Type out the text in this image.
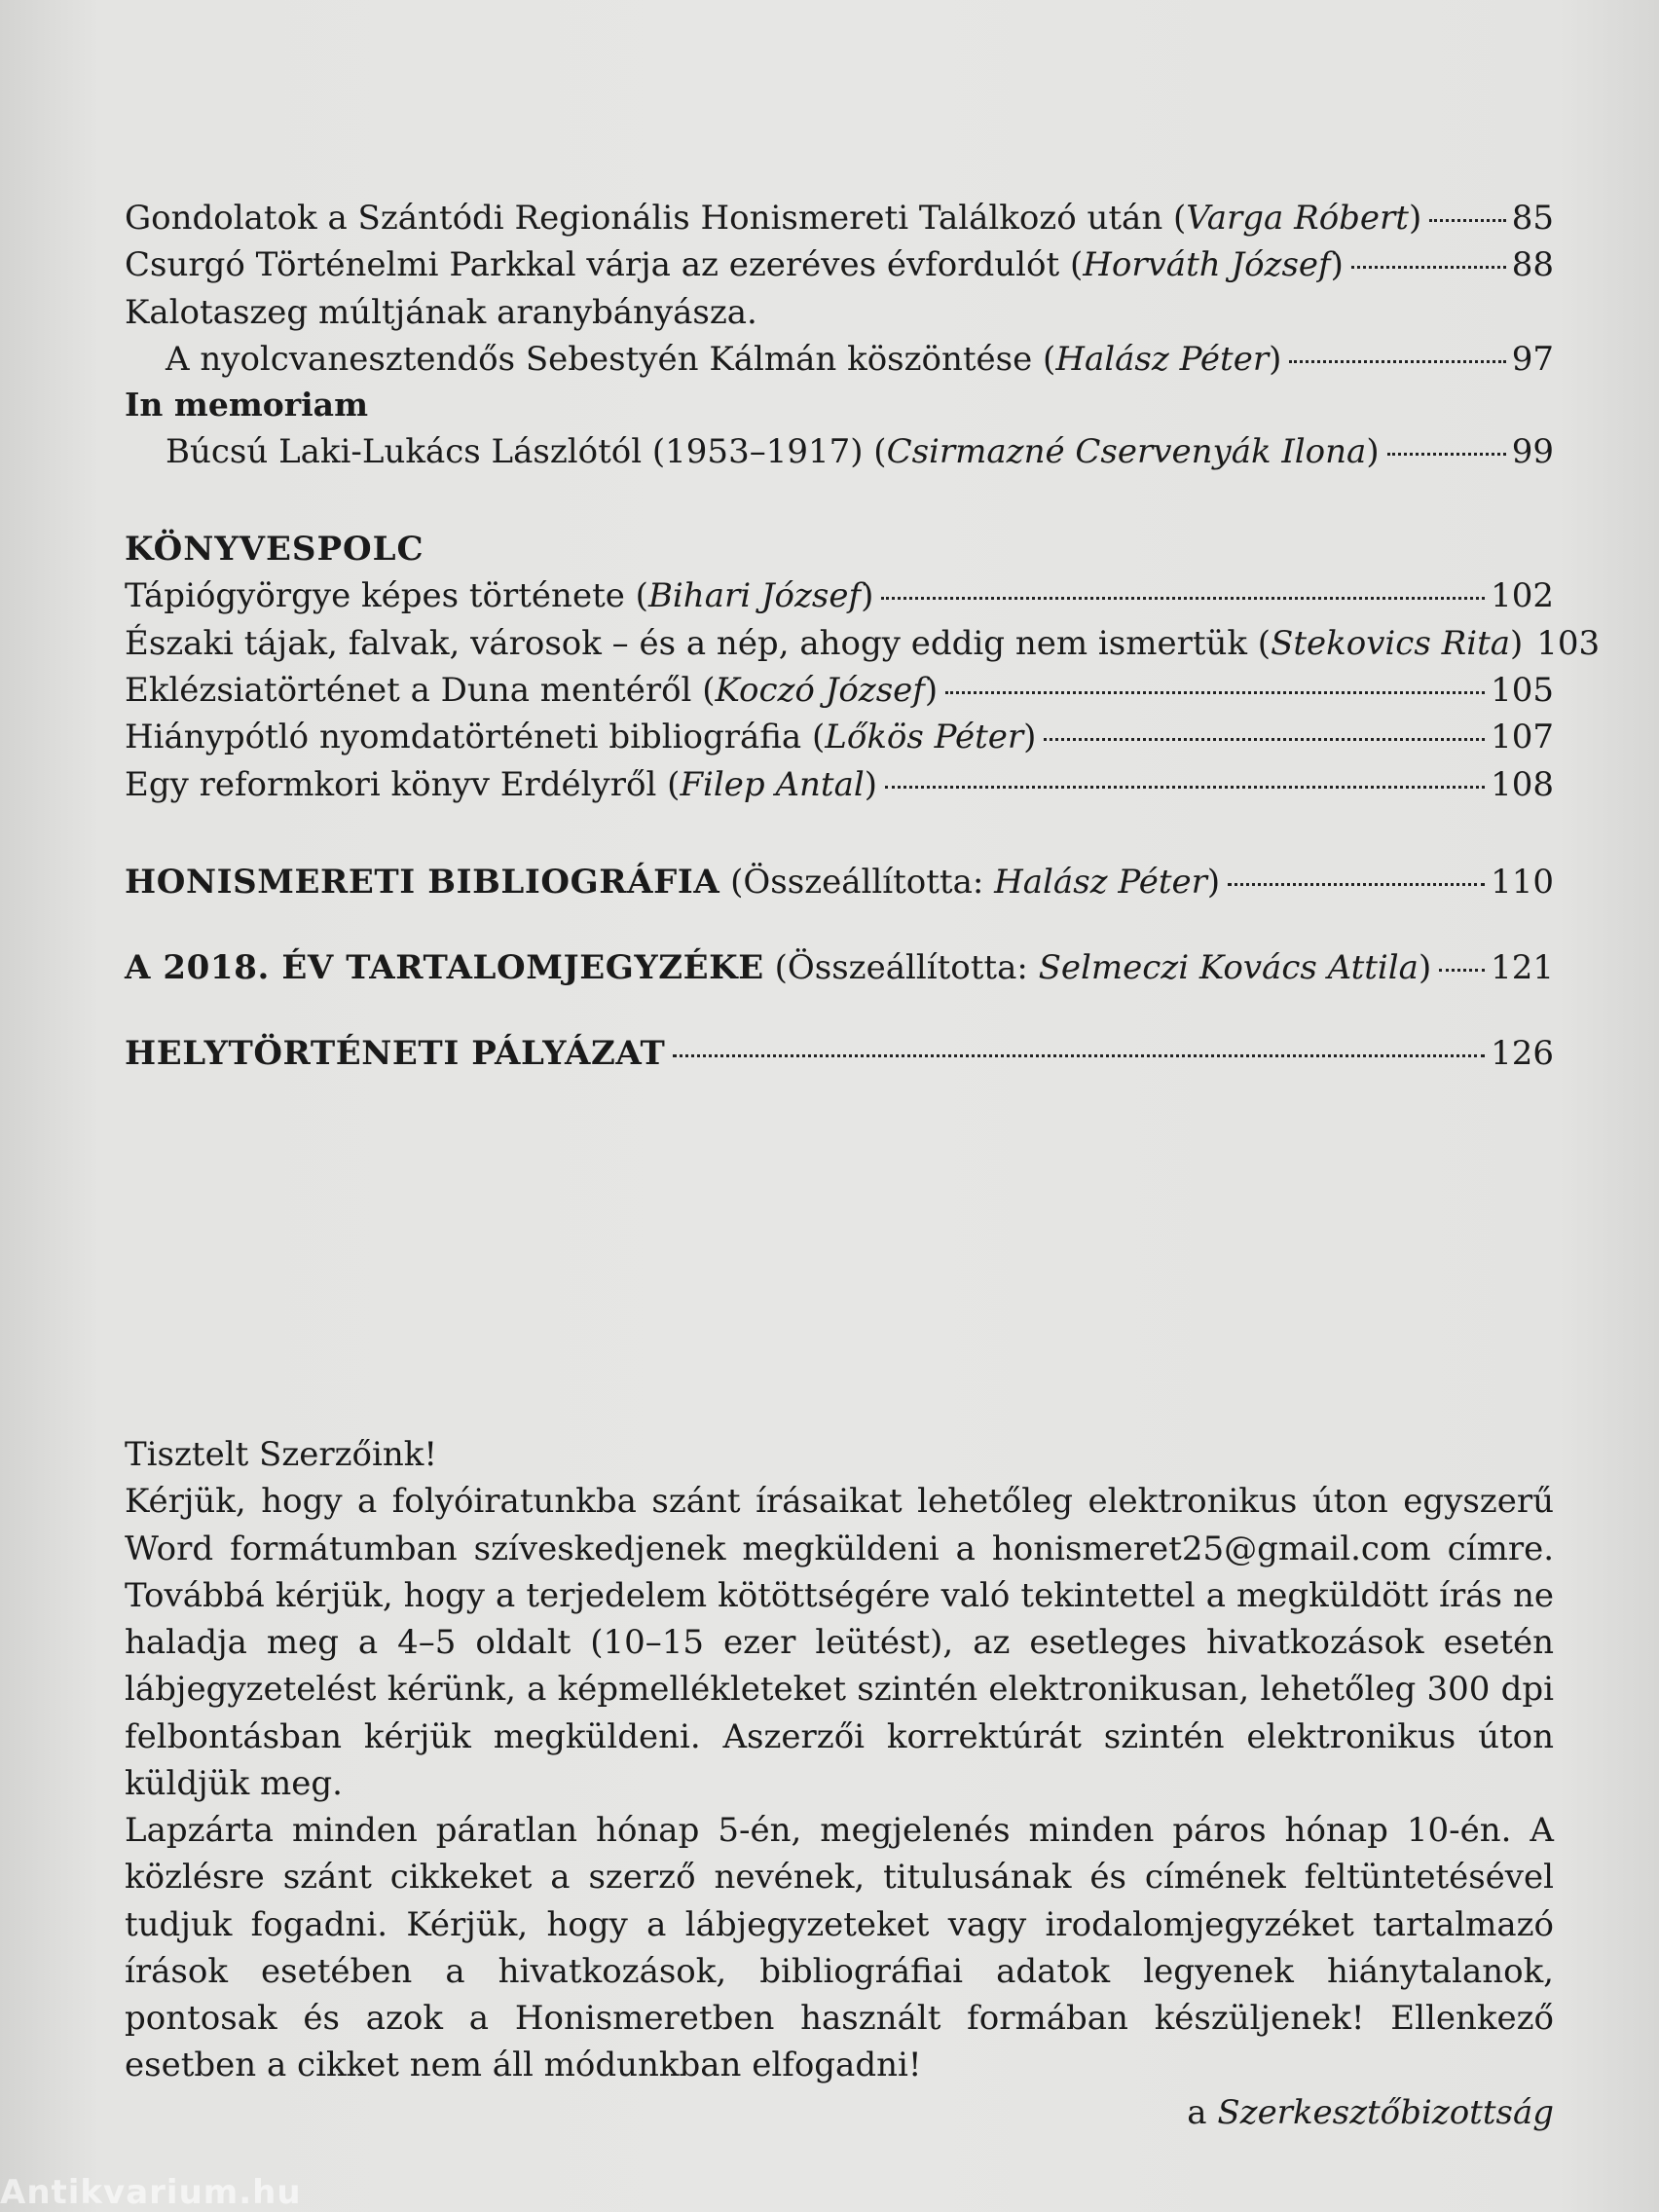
Gondolatok a Szántódi Regionális Honismereti Találkozó után (Varga Róbert)	85
Csurgó Történelmi Parkkal várja az ezeréves évfordulót (Horváth József)	88
Kalotaszeg múltjának aranybányásza.
A nyolcvanesztendős Sebestyén Kálmán köszöntése (Halász Péter)	97
In memoriam
Búcsú Laki-Lukács Lászlótól (1953–1917) (Csirmazné Cservenyák Ilona)	99
KÖNYVESPOLC
Tápiógyörgye képes története (Bihari József)	102
Északi tájak, falvak, városok – és a nép, ahogy eddig nem ismertük (Stekovics Rita) 103
Eklézsiatörténet a Duna mentéről (Koczó József)	105
Hiánypótló nyomdatörténeti bibliográfia (Lőkös Péter)	107
Egy reformkori könyv Erdélyről (Filep Antal)	108
HONISMERETI BIBLIOGRÁFIA (Összeállította: Halász Péter)	110
A 2018. ÉV TARTALOMJEGYZÉKE (Összeállította: Selmeczi Kovács Attila) 121
HELYTÖRTÉNETI PÁLYÁZAT	126

Tisztelt Szerzőink!

Kérjük, hogy a folyóiratunkba szánt írásaikat lehetőleg elektronikus úton egyszerű Word formátumban szíveskedjenek megküldeni a honismeret25@gmail.com címre. Továbbá kérjük, hogy a terjedelem kötöttségére való tekintettel a megküldött írás ne haladja meg a 4–5 oldalt (10–15 ezer leütést), az esetleges hivatkozások esetén lábjegyzetelést kérünk, a képmellékleteket szintén elektronikusan, lehetőleg 300 dpi felbontásban kérjük megküldeni. Aszerzői korrektúrát szintén elektronikus úton küldjük meg.

Lapzárta minden páratlan hónap 5-én, megjelenés minden páros hónap 10-én. A közlésre szánt cikkeket a szerző nevének, titulusának és címének feltüntetésével tudjuk fogadni. Kérjük, hogy a lábjegyzeteket vagy irodalomjegyzéket tartalmazó írások esetében a hivatkozások, bibliográfiai adatok legyenek hiánytalanok, pontosak és azok a Honismeretben használt formában készüljenek! Ellenkező esetben a cikket nem áll módunkban elfogadni!

a Szerkesztőbizottság

Antikvarium.hu
